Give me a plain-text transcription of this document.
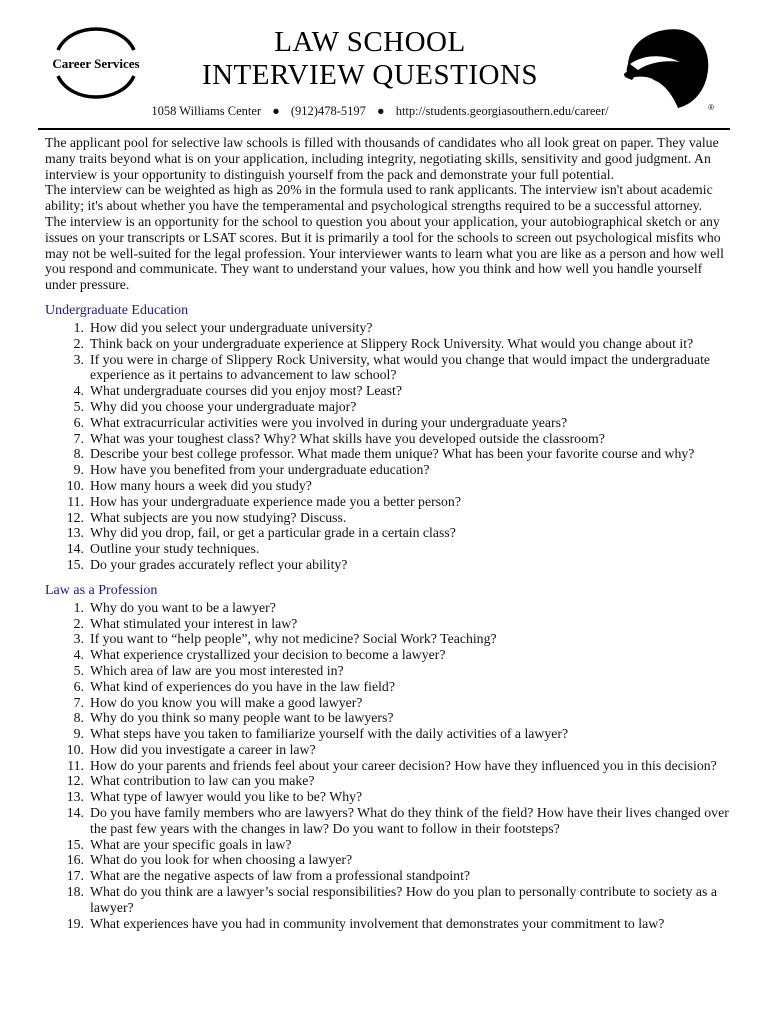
Career Services
LAW SCHOOL
INTERVIEW QUESTIONS
1058 Williams Center ● (912)478-5197 ● http://students.georgiasouthern.edu/career/	®

The applicant pool for selective law schools is filled with thousands of candidates who all look great on paper. They value many traits beyond what is on your application, including integrity, negotiating skills, sensitivity and good judgment. An interview is your opportunity to distinguish yourself from the pack and demonstrate your full potential.

The interview can be weighted as high as 20% in the formula used to rank applicants. The interview isn't about academic ability; it's about whether you have the temperamental and psychological strengths required to be a successful attorney.

The interview is an opportunity for the school to question you about your application, your autobiographical sketch or any issues on your transcripts or LSAT scores. But it is primarily a tool for the schools to screen out psychological misfits who may not be well-suited for the legal profession. Your interviewer wants to learn what you are like as a person and how well you respond and communicate. They want to understand your values, how you think and how well you handle yourself under pressure.

Undergraduate Education
1. How did you select your undergraduate university?
2. Think back on your undergraduate experience at Slippery Rock University. What would you change about it?
3. If you were in charge of Slippery Rock University, what would you change that would impact the undergraduate experience as it pertains to advancement to law school?
4. What undergraduate courses did you enjoy most? Least?
5. Why did you choose your undergraduate major?
6. What extracurricular activities were you involved in during your undergraduate years?
7. What was your toughest class? Why? What skills have you developed outside the classroom?
8. Describe your best college professor. What made them unique? What has been your favorite course and why?
9. How have you benefited from your undergraduate education?
10. How many hours a week did you study?
11. How has your undergraduate experience made you a better person?
12. What subjects are you now studying? Discuss.
13. Why did you drop, fail, or get a particular grade in a certain class?
14. Outline your study techniques.
15. Do your grades accurately reflect your ability?
Law as a Profession
1. Why do you want to be a lawyer?
2. What stimulated your interest in law?
3. If you want to “help people”, why not medicine? Social Work? Teaching?
4. What experience crystallized your decision to become a lawyer?
5. Which area of law are you most interested in?
6. What kind of experiences do you have in the law field?
7. How do you know you will make a good lawyer?
8. Why do you think so many people want to be lawyers?
9. What steps have you taken to familiarize yourself with the daily activities of a lawyer?
10. How did you investigate a career in law?
11. How do your parents and friends feel about your career decision? How have they influenced you in this decision?
12. What contribution to law can you make?
13. What type of lawyer would you like to be? Why?
14. Do you have family members who are lawyers? What do they think of the field? How have their lives changed over the past few years with the changes in law? Do you want to follow in their footsteps?
15. What are your specific goals in law?
16. What do you look for when choosing a lawyer?
17. What are the negative aspects of law from a professional standpoint?
18. What do you think are a lawyer’s social responsibilities? How do you plan to personally contribute to society as a lawyer?
19. What experiences have you had in community involvement that demonstrates your commitment to law?
